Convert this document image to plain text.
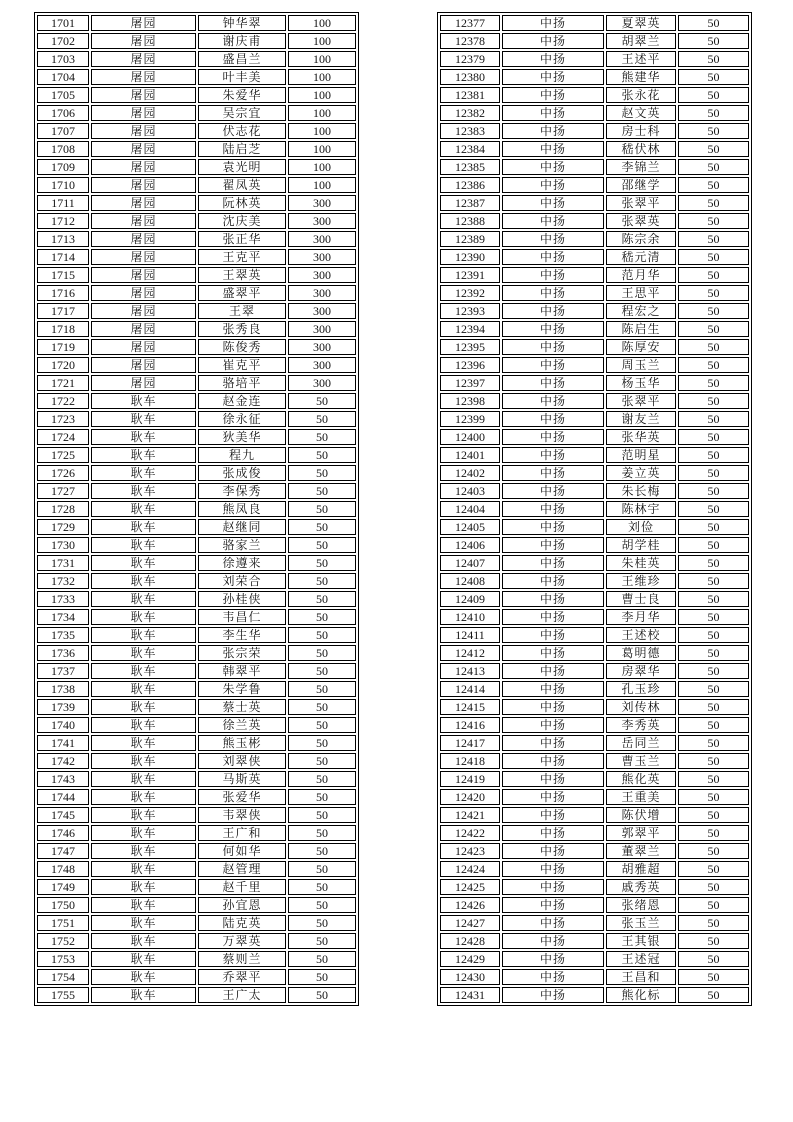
1701	屠园	钟华翠	100
1702	屠园	谢庆甫	100
1703	屠园	盛昌兰	100
1704	屠园	叶丰美	100
1705	屠园	朱爱华	100
1706	屠园	吴宗宜	100
1707	屠园	伏志花	100
1708	屠园	陆启芝	100
1709	屠园	袁光明	100
1710	屠园	翟凤英	100
1711	屠园	阮林英	300
1712	屠园	沈庆美	300
1713	屠园	张正华	300
1714	屠园	王克平	300
1715	屠园	王翠英	300
1716	屠园	盛翠平	300
1717	屠园	王翠	300
1718	屠园	张秀良	300
1719	屠园	陈俊秀	300
1720	屠园	崔克平	300
1721	屠园	骆培平	300
1722	耿车	赵金连	50
1723	耿车	徐永征	50
1724	耿车	狄美华	50
1725	耿车	程九	50
1726	耿车	张成俊	50
1727	耿车	李保秀	50
1728	耿车	熊凤良	50
1729	耿车	赵继同	50
1730	耿车	骆家兰	50
1731	耿车	徐遵来	50
1732	耿车	刘荣合	50
1733	耿车	孙桂侠	50
1734	耿车	韦昌仁	50
1735	耿车	李生华	50
1736	耿车	张宗荣	50
1737	耿车	韩翠平	50
1738	耿车	朱学鲁	50
1739	耿车	蔡士英	50
1740	耿车	徐兰英	50
1741	耿车	熊玉彬	50
1742	耿车	刘翠侠	50
1743	耿车	马斯英	50
1744	耿车	张爱华	50
1745	耿车	韦翠侠	50
1746	耿车	王广和	50
1747	耿车	何如华	50
1748	耿车	赵管理	50
1749	耿车	赵千里	50
1750	耿车	孙宜恩	50
1751	耿车	陆克英	50
1752	耿车	万翠英	50
1753	耿车	蔡则兰	50
1754	耿车	乔翠平	50
1755	耿车	王广太	50
12377	中扬	夏翠英	50
12378	中扬	胡翠兰	50
12379	中扬	王述平	50
12380	中扬	熊建华	50
12381	中扬	张永花	50
12382	中扬	赵文英	50
12383	中扬	房士科	50
12384	中扬	嵇伏林	50
12385	中扬	李锦兰	50
12386	中扬	邵继学	50
12387	中扬	张翠平	50
12388	中扬	张翠英	50
12389	中扬	陈宗余	50
12390	中扬	嵇元清	50
12391	中扬	范月华	50
12392	中扬	王思平	50
12393	中扬	程宏之	50
12394	中扬	陈启生	50
12395	中扬	陈厚安	50
12396	中扬	周玉兰	50
12397	中扬	杨玉华	50
12398	中扬	张翠平	50
12399	中扬	谢友兰	50
12400	中扬	张华英	50
12401	中扬	范明星	50
12402	中扬	姜立英	50
12403	中扬	朱长梅	50
12404	中扬	陈林宇	50
12405	中扬	刘俭	50
12406	中扬	胡学桂	50
12407	中扬	朱桂英	50
12408	中扬	王维珍	50
12409	中扬	曹士良	50
12410	中扬	李月华	50
12411	中扬	王述校	50
12412	中扬	葛明德	50
12413	中扬	房翠华	50
12414	中扬	孔玉珍	50
12415	中扬	刘传林	50
12416	中扬	李秀英	50
12417	中扬	岳同兰	50
12418	中扬	曹玉兰	50
12419	中扬	熊化英	50
12420	中扬	王重美	50
12421	中扬	陈伏增	50
12422	中扬	郭翠平	50
12423	中扬	董翠兰	50
12424	中扬	胡雅超	50
12425	中扬	戚秀英	50
12426	中扬	张绪恩	50
12427	中扬	张玉兰	50
12428	中扬	王其银	50
12429	中扬	王述冠	50
12430	中扬	王昌和	50
12431	中扬	熊化标	50
